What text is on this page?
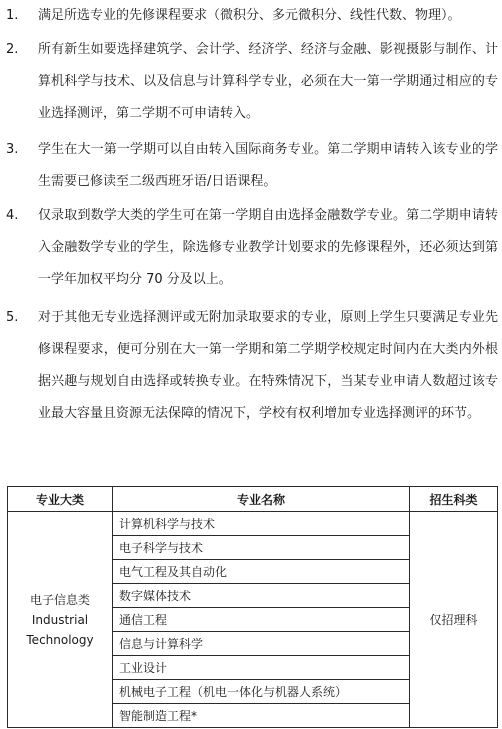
1. 满足所选专业的先修课程要求（微积分、多元微积分、线性代数、物理）。
2. 所有新生如要选择建筑学、会计学、经济学、经济与金融、影视摄影与制作、计算机科学与技术、以及信息与计算科学专业，必须在大一第一学期通过相应的专业选择测评，第二学期不可申请转入。
3. 学生在大一第一学期可以自由转入国际商务专业。第二学期申请转入该专业的学生需要已修读至二级西班牙语/日语课程。
4. 仅录取到数学大类的学生可在第一学期自由选择金融数学专业。第二学期申请转入金融数学专业的学生，除选修专业教学计划要求的先修课程外，还必须达到第一学年加权平均分 70 分及以上。
5. 对于其他无专业选择测评或无附加录取要求的专业，原则上学生只要满足专业先修课程要求，便可分别在大一第一学期和第二学期学校规定时间内在大类内外根据兴趣与规划自由选择或转换专业。在特殊情况下，当某专业申请人数超过该专业最大容量且资源无法保障的情况下，学校有权利增加专业选择测评的环节。
专业大类	专业名称	招生科类

电子信息类
Industrial
Technology	计算机科学与技术	仅招理科
	电子科学与技术	
	电气工程及其自动化	
	数字媒体技术	
	通信工程	
	信息与计算科学	
	工业设计	
	机械电子工程（机电一体化与机器人系统）	
	智能制造工程*	
